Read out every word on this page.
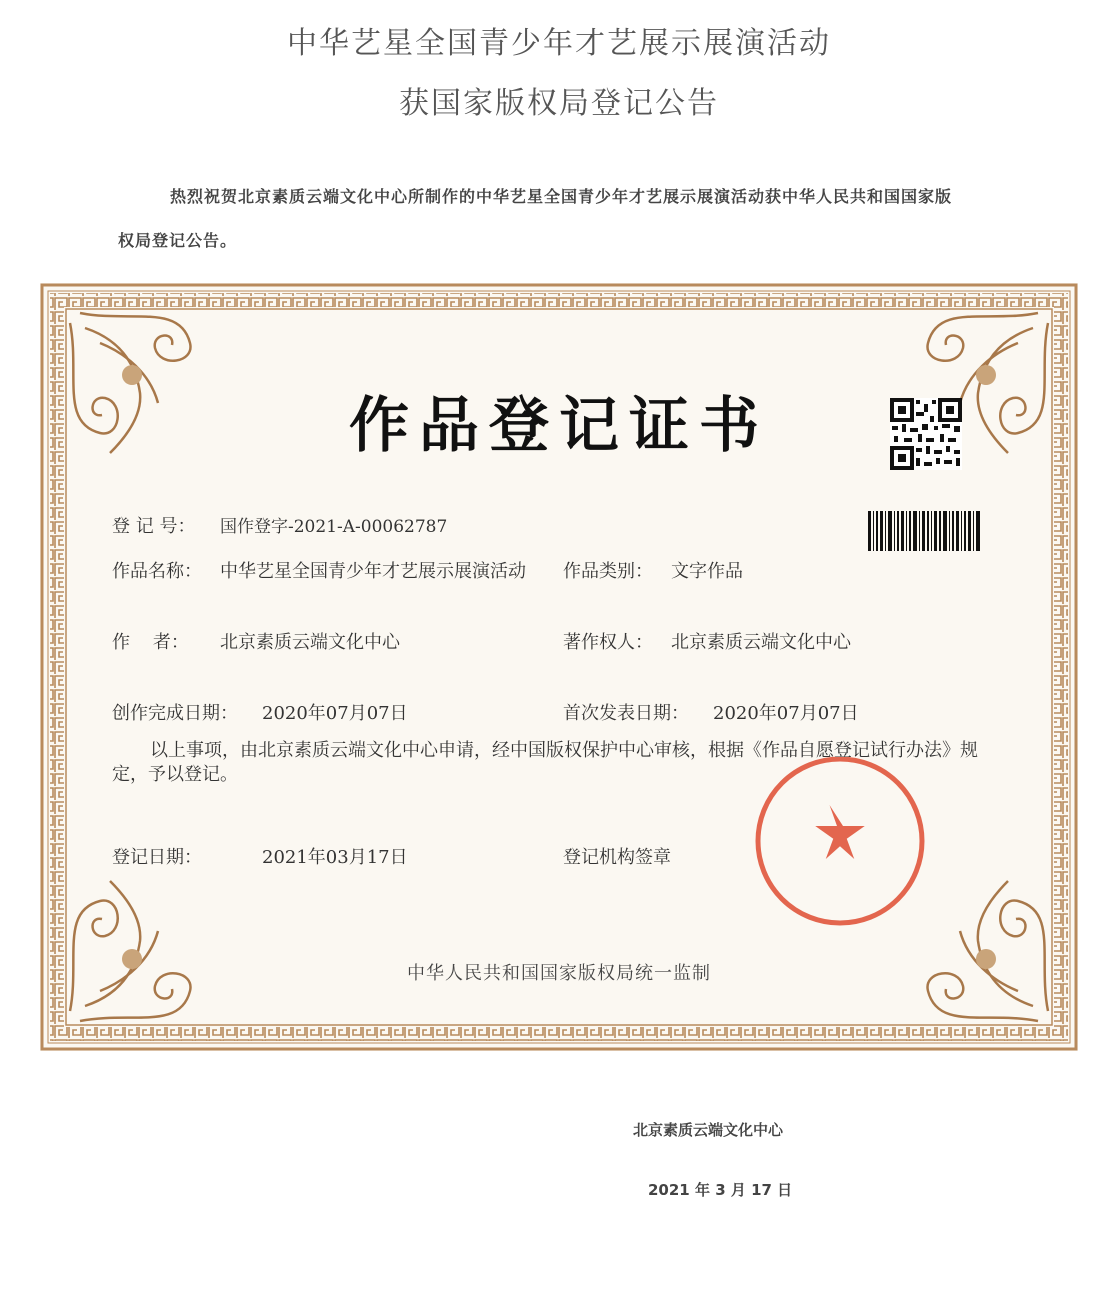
中华艺星全国青少年才艺展示展演活动
获国家版权局登记公告
热烈祝贺北京素质云端文化中心所制作的中华艺星全国青少年才艺展示展演活动获中华人民共和国国家版
权局登记公告。
作品登记证书
登 记 号： 国作登字-2021-A-00062787
作品名称： 中华艺星全国青少年才艺展示展演活动 作品类别： 文字作品
作    者： 北京素质云端文化中心	著作权人： 北京素质云端文化中心
创作完成日期： 2020年07月07日	首次发表日期： 2020年07月07日
以上事项，由北京素质云端文化中心申请，经中国版权保护中心审核，根据《作品自愿登记试行办法》规定，予以登记。
登记日期：	2021年03月17日	登记机构签章
中华人民共和国国家版权局统一监制
北京素质云端文化中心
2021 年 3 月 17 日
